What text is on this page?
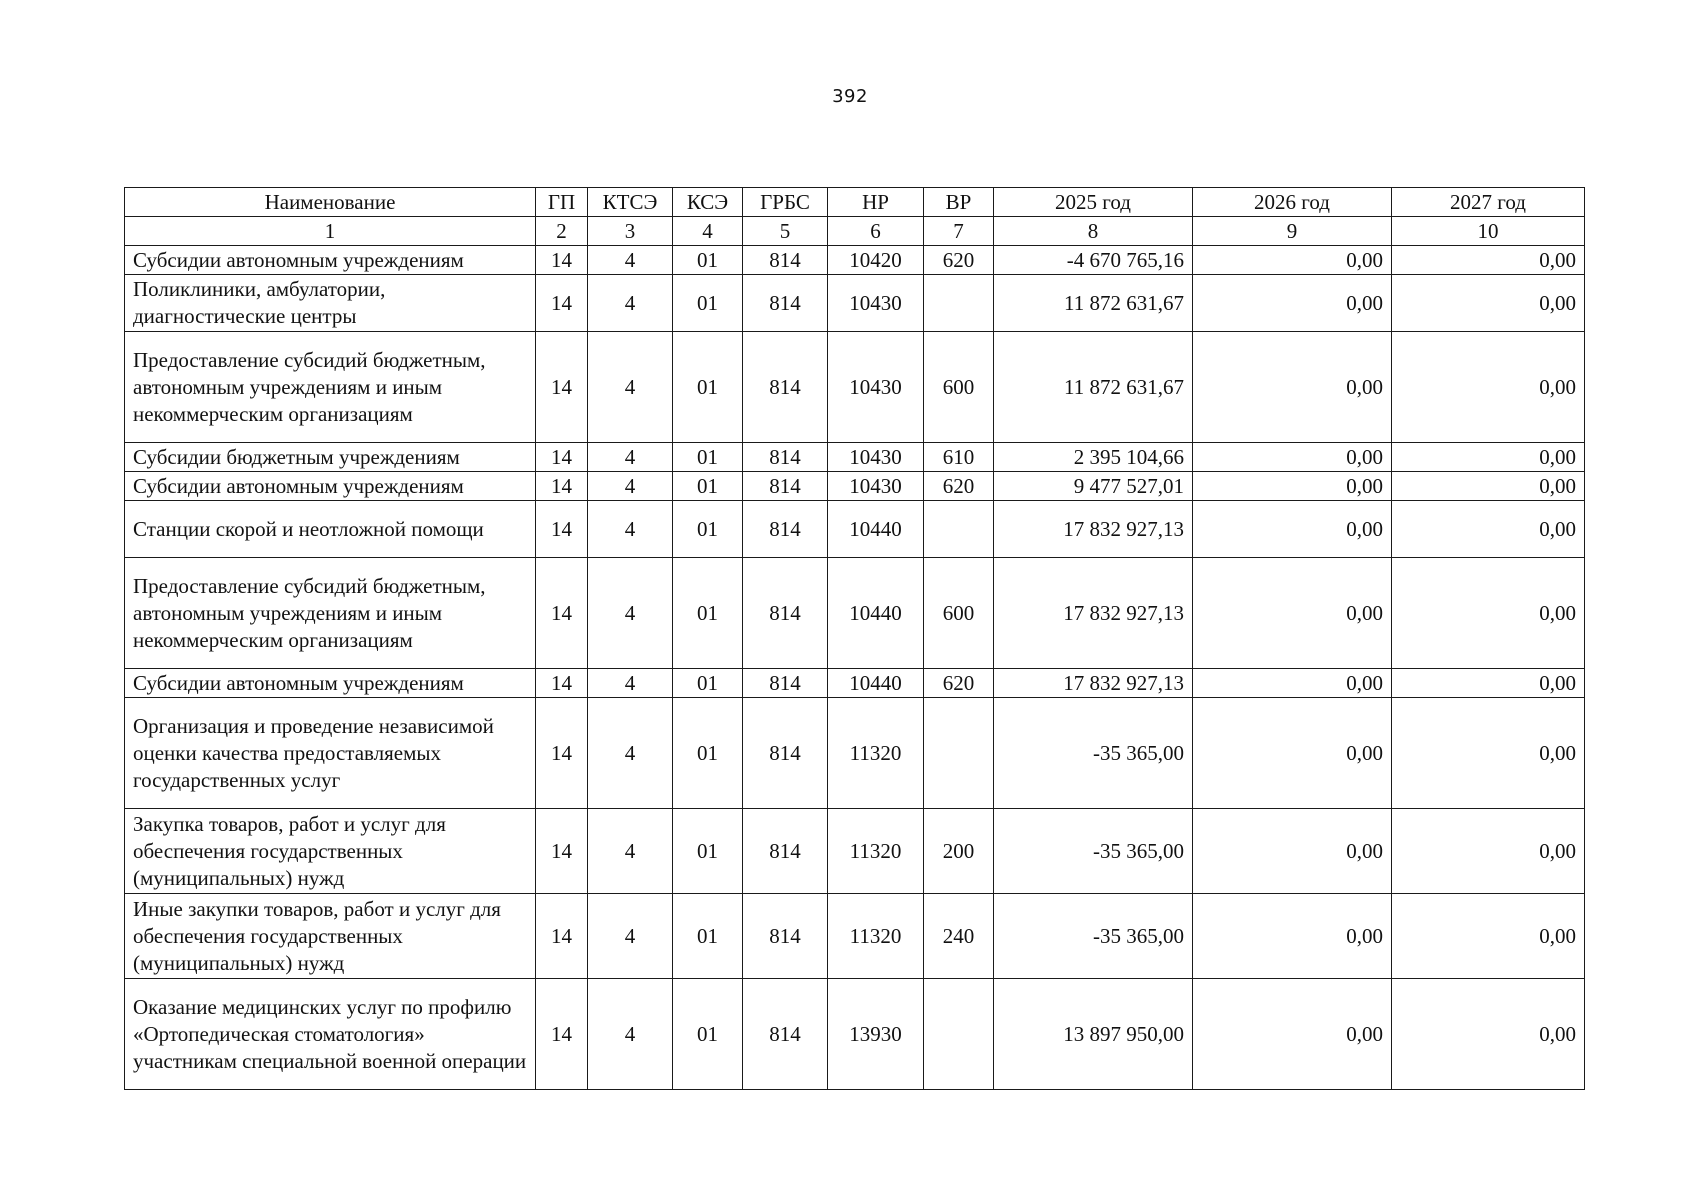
392
Наименование	ГП	КТСЭ	КСЭ	ГРБС	НР	ВР	2025 год	2026 год	2027 год
1	2	3	4	5	6	7	8	9	10
Субсидии автономным учреждениям	14	4	01	814	10420	620	-4 670 765,16	0,00	0,00
Поликлиники, амбулатории, диагностические центры	14	4	01	814	10430		11 872 631,67	0,00	0,00
Предоставление субсидий бюджетным, автономным учреждениям и иным некоммерческим организациям	14	4	01	814	10430	600	11 872 631,67	0,00	0,00
Субсидии бюджетным учреждениям	14	4	01	814	10430	610	2 395 104,66	0,00	0,00
Субсидии автономным учреждениям	14	4	01	814	10430	620	9 477 527,01	0,00	0,00
Станции скорой и неотложной помощи	14	4	01	814	10440		17 832 927,13	0,00	0,00
Предоставление субсидий бюджетным, автономным учреждениям и иным некоммерческим организациям	14	4	01	814	10440	600	17 832 927,13	0,00	0,00
Субсидии автономным учреждениям	14	4	01	814	10440	620	17 832 927,13	0,00	0,00
Организация и проведение независимой оценки качества предоставляемых государственных услуг	14	4	01	814	11320		-35 365,00	0,00	0,00
Закупка товаров, работ и услуг для обеспечения государственных (муниципальных) нужд	14	4	01	814	11320	200	-35 365,00	0,00	0,00
Иные закупки товаров, работ и услуг для обеспечения государственных (муниципальных) нужд	14	4	01	814	11320	240	-35 365,00	0,00	0,00
Оказание медицинских услуг по профилю «Ортопедическая стоматология» участникам специальной военной операции	14	4	01	814	13930		13 897 950,00	0,00	0,00
